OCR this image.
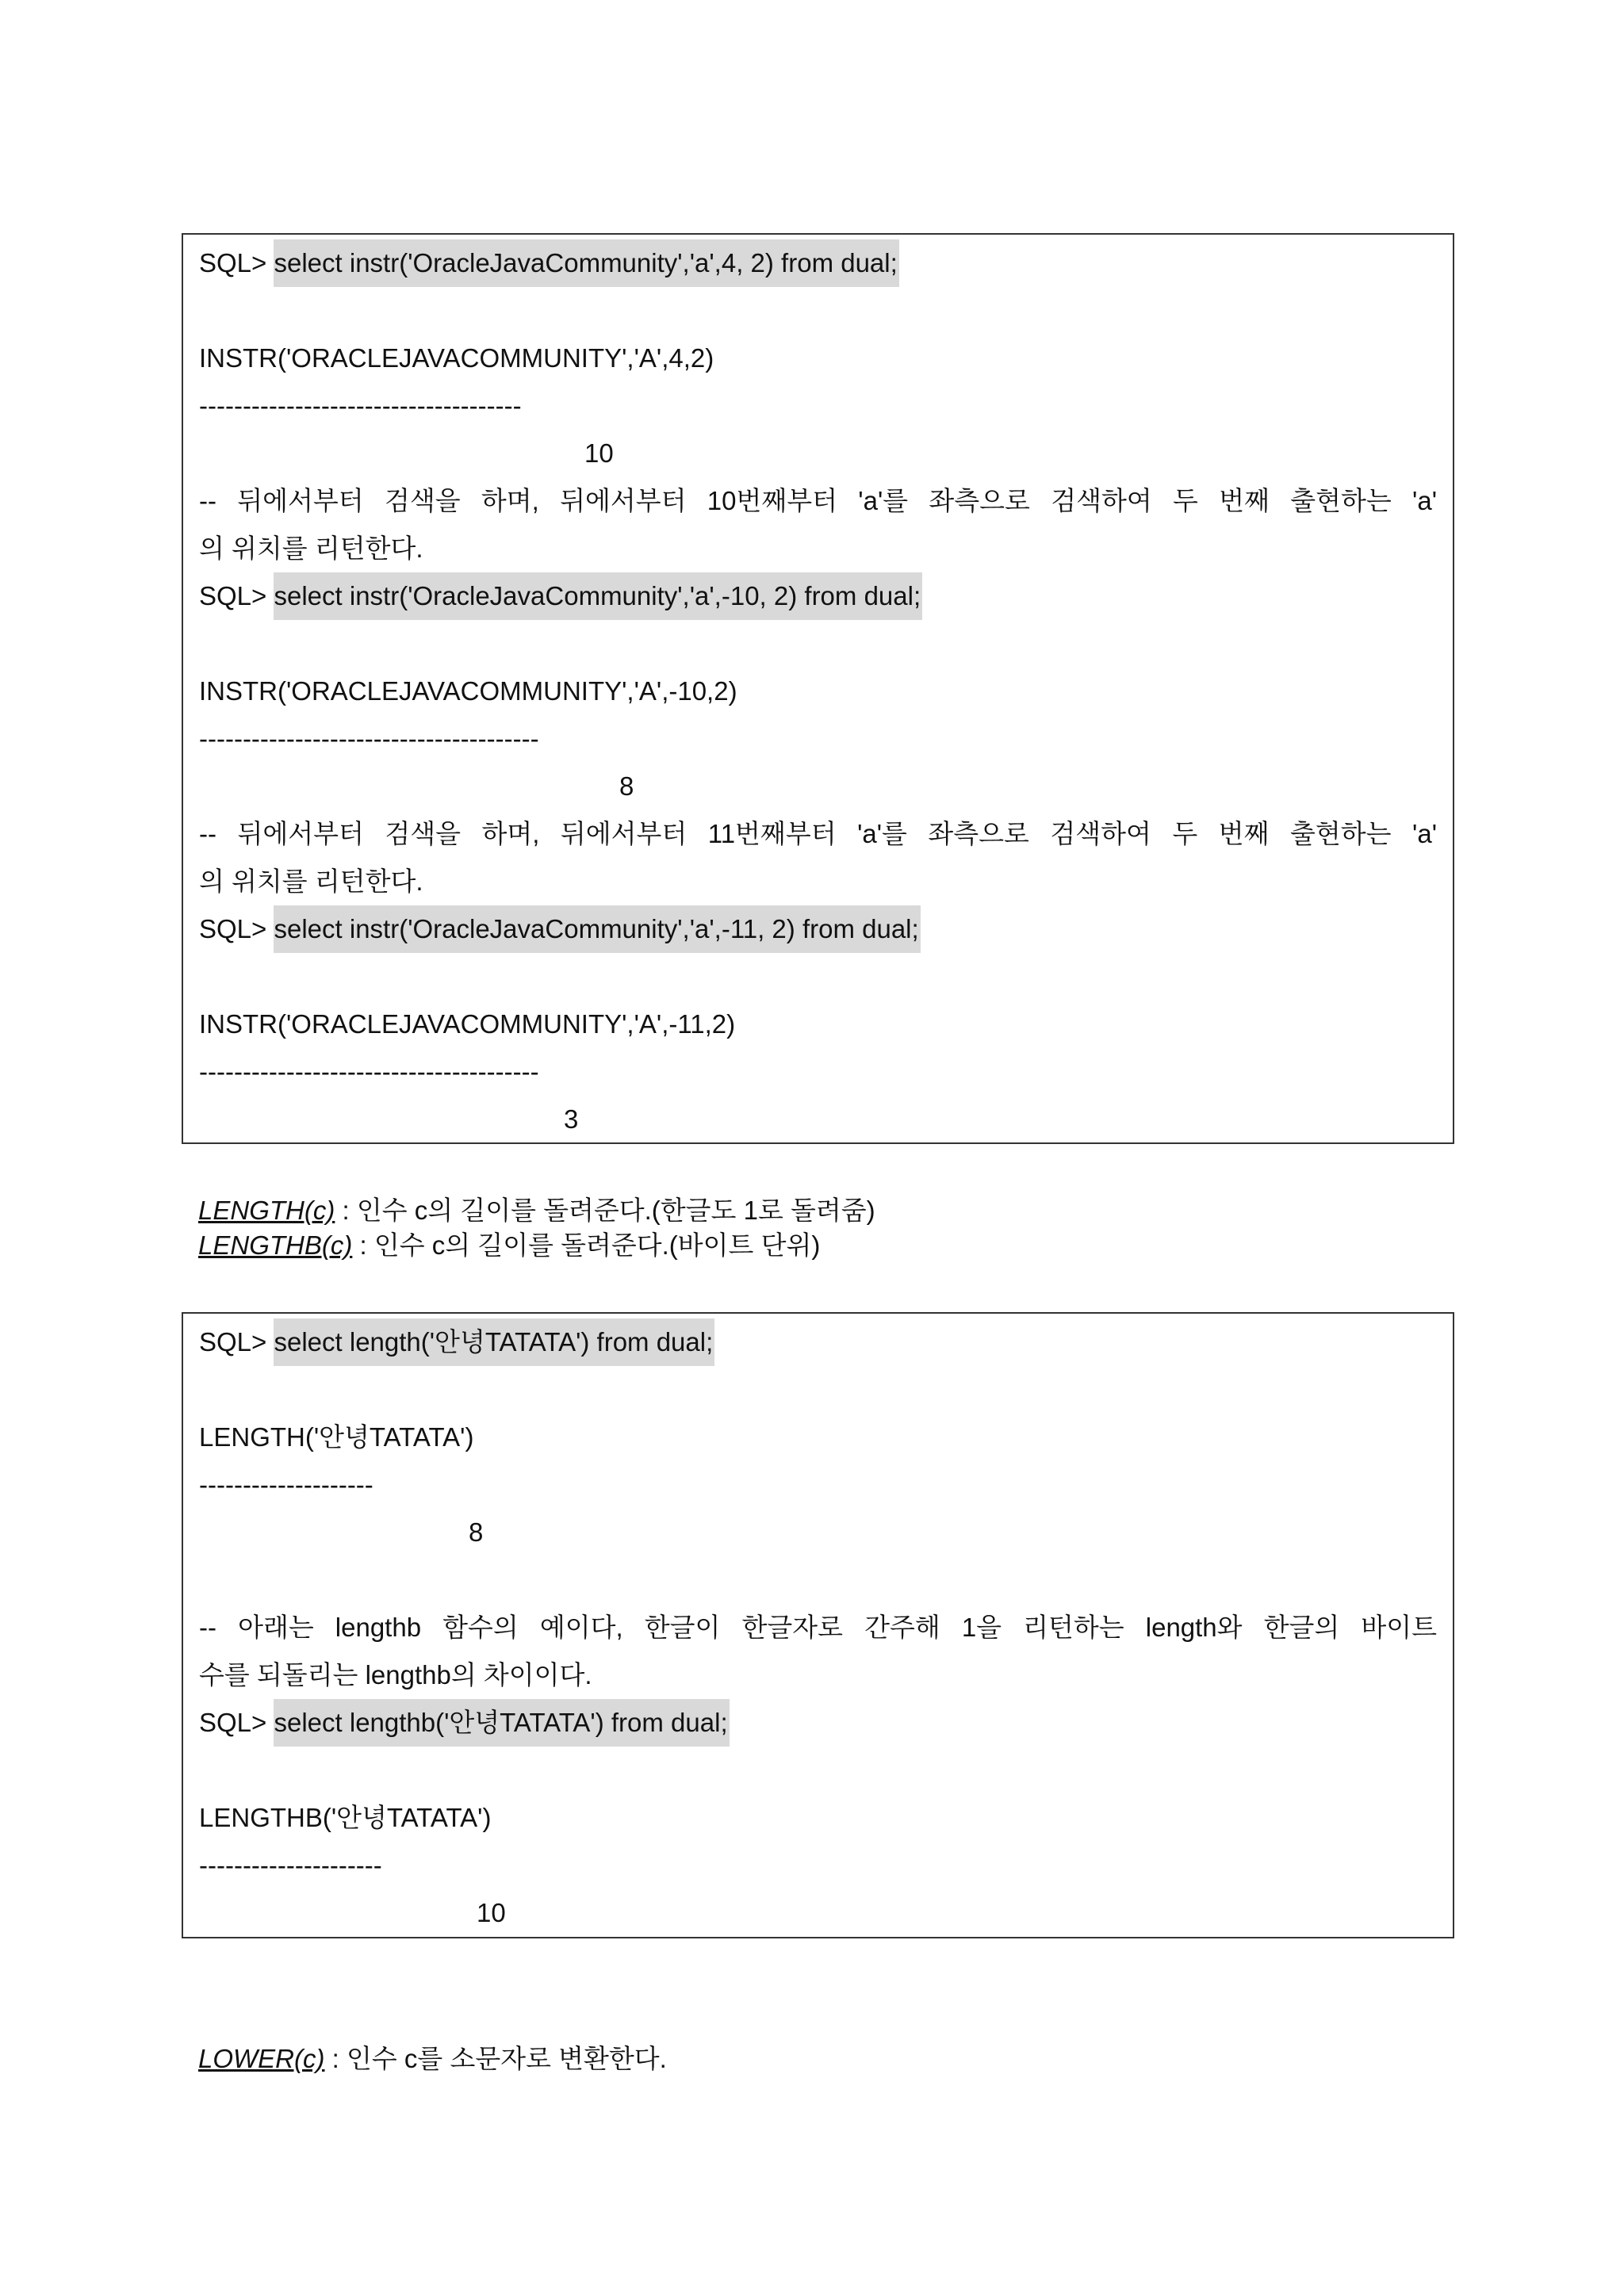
SQL> select instr('OracleJavaCommunity','a',4, 2) from dual;
INSTR('ORACLEJAVACOMMUNITY','A',4,2)
-------------------------------------
10
-- 뒤에서부터 검색을 하며, 뒤에서부터 10번째부터 'a'를 좌측으로 검색하여 두 번째 출현하는 'a'
의 위치를 리턴한다.
SQL> select instr('OracleJavaCommunity','a',-10, 2) from dual;
INSTR('ORACLEJAVACOMMUNITY','A',-10,2)
---------------------------------------
8
-- 뒤에서부터 검색을 하며, 뒤에서부터 11번째부터 'a'를 좌측으로 검색하여 두 번째 출현하는 'a'
의 위치를 리턴한다.
SQL> select instr('OracleJavaCommunity','a',-11, 2) from dual;
INSTR('ORACLEJAVACOMMUNITY','A',-11,2)
---------------------------------------
3
LENGTH(c) : 인수 c의 길이를 돌려준다.(한글도 1로 돌려줌)
LENGTHB(c) : 인수 c의 길이를 돌려준다.(바이트 단위)
SQL> select length('안녕TATATA') from dual;
LENGTH('안녕TATATA')
--------------------
8
-- 아래는 lengthb 함수의 예이다, 한글이 한글자로 간주해 1을 리턴하는 length와 한글의 바이트
수를 되돌리는 lengthb의 차이이다.
SQL> select lengthb('안녕TATATA') from dual;
LENGTHB('안녕TATATA')
---------------------
10
LOWER(c) : 인수 c를 소문자로 변환한다.
